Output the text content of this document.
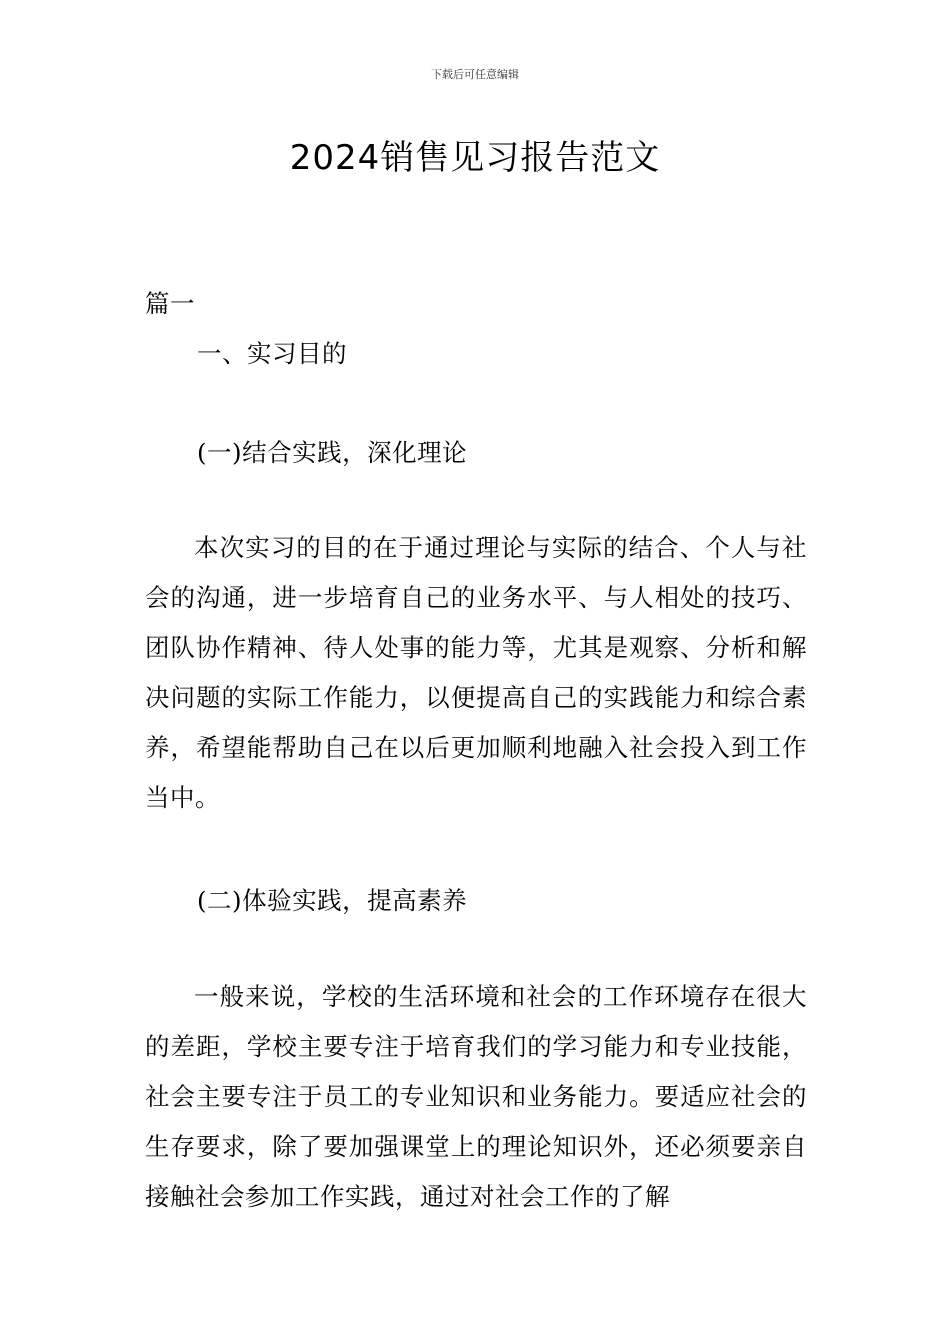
下载后可任意编辑
2024销售见习报告范文
篇一
一、实习目的
(一)结合实践，深化理论

本次实习的目的在于通过理论与实际的结合、个人与社会的沟通，进一步培育自己的业务水平、与人相处的技巧、团队协作精神、待人处事的能力等，尤其是观察、分析和解决问题的实际工作能力，以便提高自己的实践能力和综合素养，希望能帮助自己在以后更加顺利地融入社会投入到工作当中。

(二)体验实践，提高素养

一般来说，学校的生活环境和社会的工作环境存在很大的差距，学校主要专注于培育我们的学习能力和专业技能，社会主要专注于员工的专业知识和业务能力。要适应社会的生存要求，除了要加强课堂上的理论知识外，还必须要亲自接触社会参加工作实践，通过对社会工作的了解
